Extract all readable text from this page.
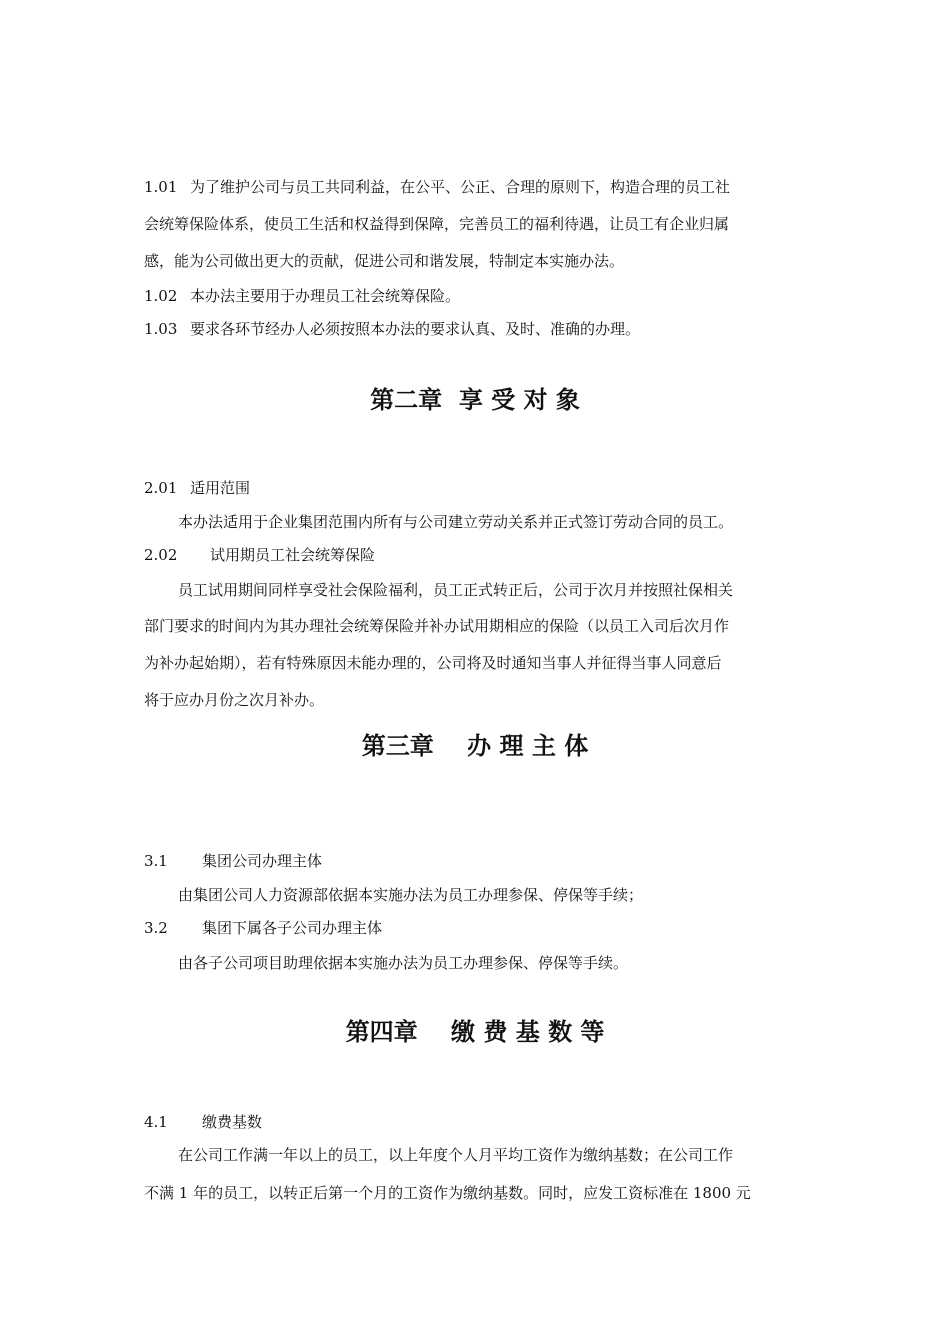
1.01 为了维护公司与员工共同利益，在公平、公正、合理的原则下，构造合理的员工社
会统筹保险体系，使员工生活和权益得到保障，完善员工的福利待遇，让员工有企业归属
感，能为公司做出更大的贡献，促进公司和谐发展，特制定本实施办法。
1.02 本办法主要用于办理员工社会统筹保险。
1.03 要求各环节经办人必须按照本办法的要求认真、及时、准确的办理。
第二章 享 受 对 象
2.01 适用范围
本办法适用于企业集团范围内所有与公司建立劳动关系并正式签订劳动合同的员工。
2.02 试用期员工社会统筹保险
员工试用期间同样享受社会保险福利，员工正式转正后，公司于次月并按照社保相关
部门要求的时间内为其办理社会统筹保险并补办试用期相应的保险（以员工入司后次月作
为补办起始期），若有特殊原因未能办理的，公司将及时通知当事人并征得当事人同意后
将于应办月份之次月补办。
第三章 办 理 主 体
3.1 集团公司办理主体
由集团公司人力资源部依据本实施办法为员工办理参保、停保等手续；
3.2 集团下属各子公司办理主体
由各子公司项目助理依据本实施办法为员工办理参保、停保等手续。
第四章 缴 费 基 数 等
4.1 缴费基数
在公司工作满一年以上的员工，以上年度个人月平均工资作为缴纳基数；在公司工作
不满 1 年的员工，以转正后第一个月的工资作为缴纳基数。同时，应发工资标准在 1800 元
